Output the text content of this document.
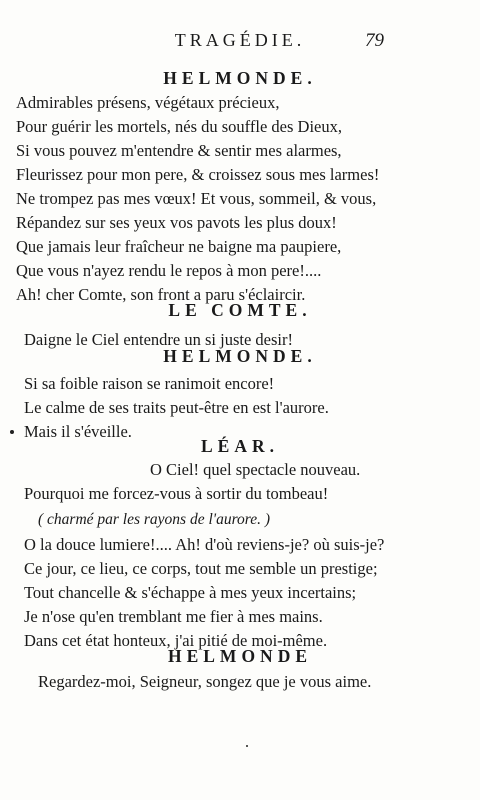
TRAGÉDIE.	79
HELMONDE.
Admirables présens, végétaux précieux,
Pour guérir les mortels, nés du souffle des Dieux,
Si vous pouvez m'entendre & sentir mes alarmes,
Fleurissez pour mon pere, & croissez sous mes larmes!
Ne trompez pas mes vœux! Et vous, sommeil, & vous,
Répandez sur ses yeux vos pavots les plus doux!
Que jamais leur fraîcheur ne baigne ma paupiere,
Que vous n'ayez rendu le repos à mon pere!....
Ah! cher Comte, son front a paru s'éclaircir.
LE COMTE.
Daigne le Ciel entendre un si juste desir!
HELMONDE.
Si sa foible raison se ranimoit encore!
Le calme de ses traits peut-être en est l'aurore.
Mais il s'éveille.
LÉAR.
O Ciel! quel spectacle nouveau.
Pourquoi me forcez-vous à sortir du tombeau!
( charmé par les rayons de l'aurore. )
O la douce lumiere!.... Ah! d'où reviens-je? où suis-je?
Ce jour, ce lieu, ce corps, tout me semble un prestige;
Tout chancelle & s'échappe à mes yeux incertains;
Je n'ose qu'en tremblant me fier à mes mains.
Dans cet état honteux, j'ai pitié de moi-même.
HELMONDE
Regardez-moi, Seigneur, songez que je vous aime.
